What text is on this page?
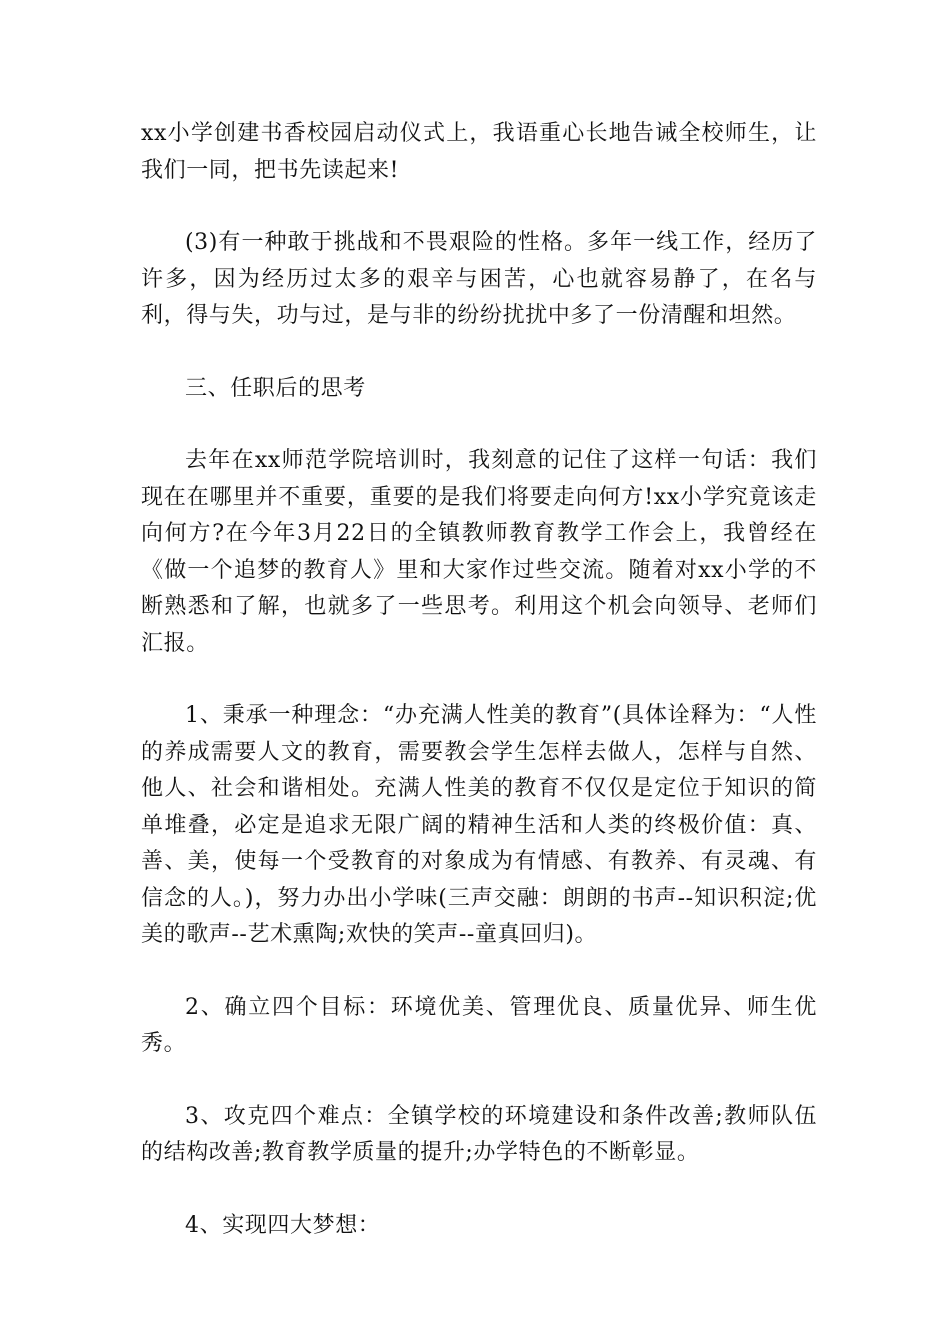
xx小学创建书香校园启动仪式上，我语重心长地告诫全校师生，让我们一同，把书先读起来!

(3)有一种敢于挑战和不畏艰险的性格。多年一线工作，经历了许多，因为经历过太多的艰辛与困苦，心也就容易静了，在名与利，得与失，功与过，是与非的纷纷扰扰中多了一份清醒和坦然。

三、任职后的思考

去年在xx师范学院培训时，我刻意的记住了这样一句话：我们现在在哪里并不重要，重要的是我们将要走向何方!xx小学究竟该走向何方?在今年3月22日的全镇教师教育教学工作会上，我曾经在《做一个追梦的教育人》里和大家作过些交流。随着对xx小学的不断熟悉和了解，也就多了一些思考。利用这个机会向领导、老师们汇报。

1、秉承一种理念：“办充满人性美的教育”(具体诠释为：“人性的养成需要人文的教育，需要教会学生怎样去做人，怎样与自然、他人、社会和谐相处。充满人性美的教育不仅仅是定位于知识的简单堆叠，必定是追求无限广阔的精神生活和人类的终极价值：真、善、美，使每一个受教育的对象成为有情感、有教养、有灵魂、有信念的人。)，努力办出小学味(三声交融：朗朗的书声--知识积淀;优美的歌声--艺术熏陶;欢快的笑声--童真回归)。

2、确立四个目标：环境优美、管理优良、质量优异、师生优秀。

3、攻克四个难点：全镇学校的环境建设和条件改善;教师队伍的结构改善;教育教学质量的提升;办学特色的不断彰显。

4、实现四大梦想：
